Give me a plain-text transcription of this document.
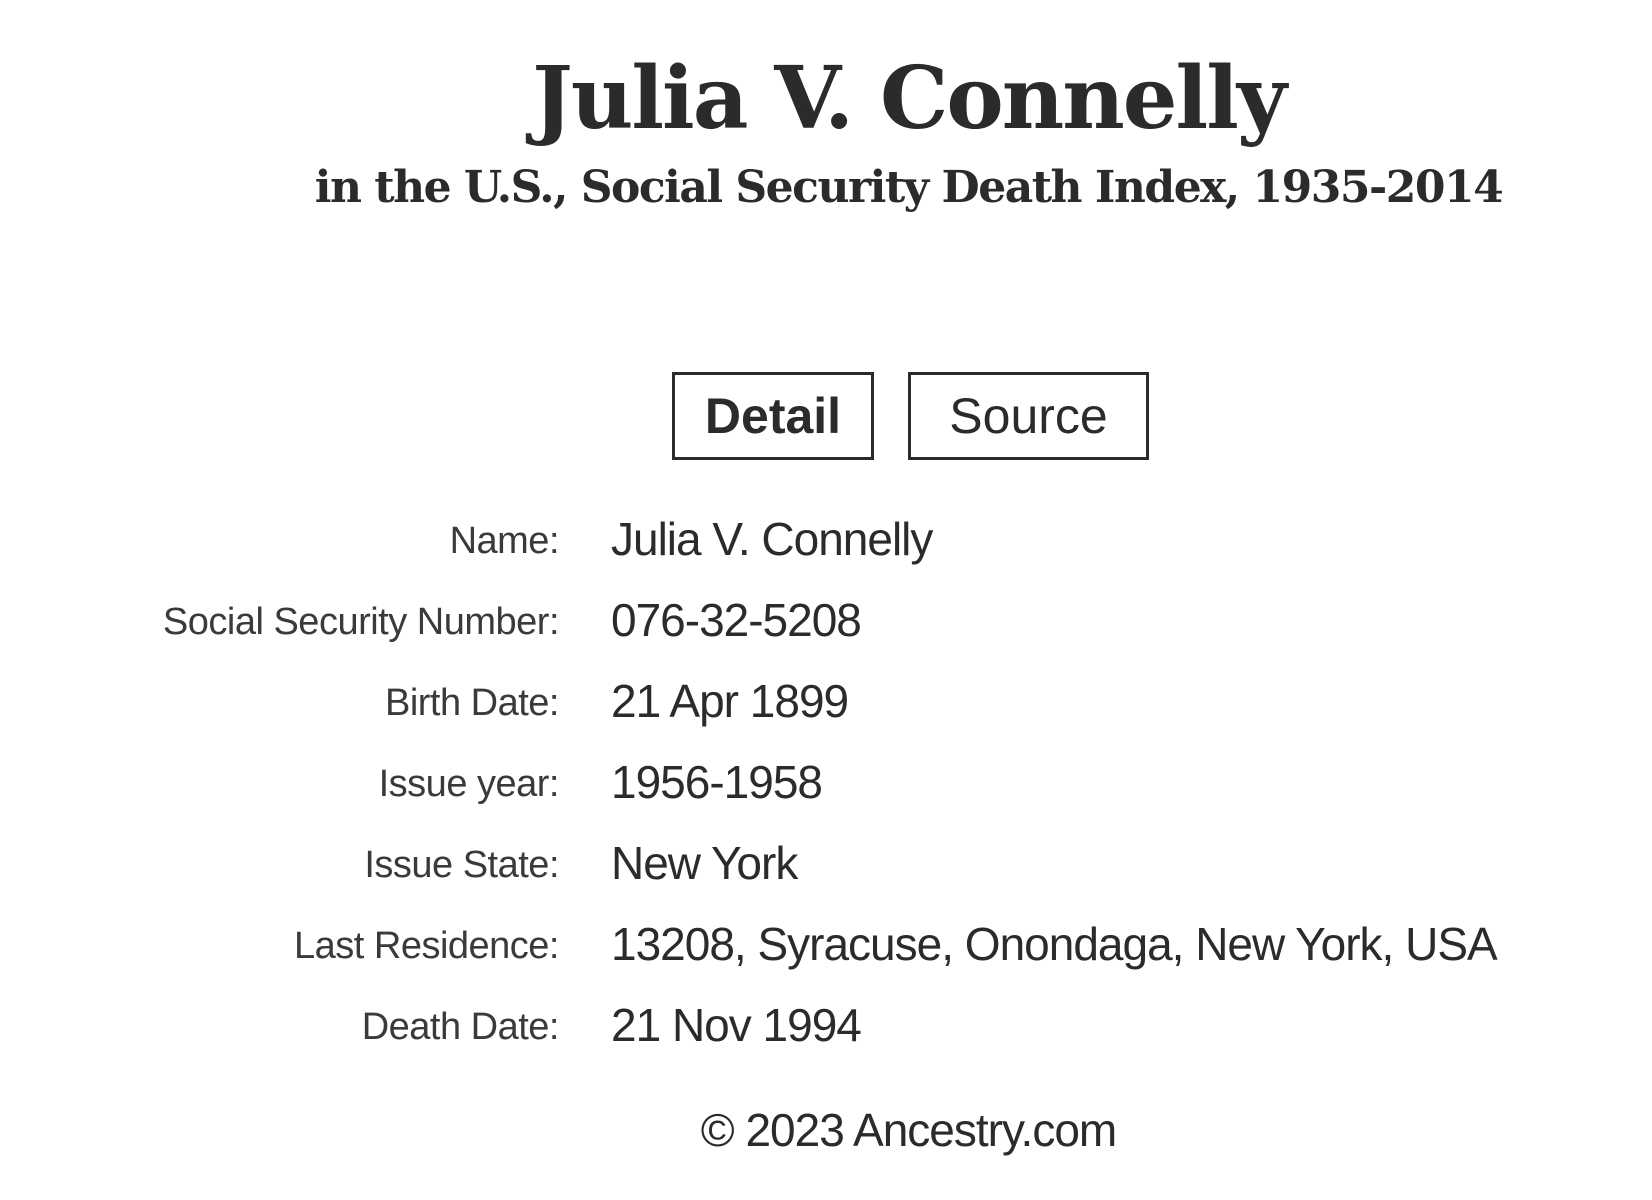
Julia V. Connelly
in the U.S., Social Security Death Index, 1935-2014
Detail	Source
Name: Julia V. Connelly
Social Security Number: 076-32-5208
Birth Date: 21 Apr 1899
Issue year: 1956-1958
Issue State: New York
Last Residence: 13208, Syracuse, Onondaga, New York, USA
Death Date: 21 Nov 1994
© 2023 Ancestry.com
